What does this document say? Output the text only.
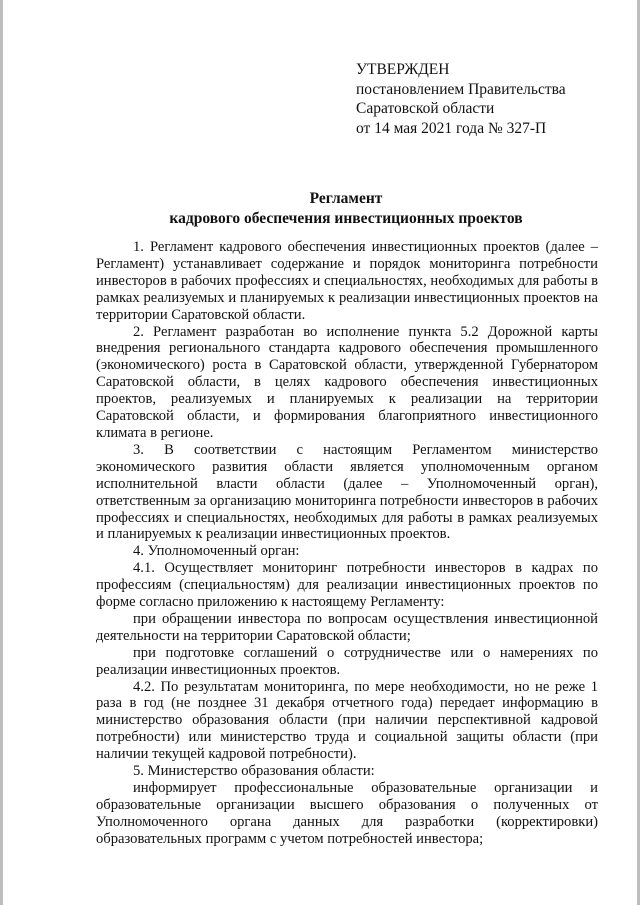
УТВЕРЖДЕН
постановлением Правительства
Саратовской области
от 14 мая 2021 года № 327-П
Регламент
кадрового обеспечения инвестиционных проектов

1. Регламент кадрового обеспечения инвестиционных проектов (далее – Регламент) устанавливает содержание и порядок мониторинга потребности инвесторов в рабочих профессиях и специальностях, необходимых для работы в рамках реализуемых и планируемых к реализации инвестиционных проектов на территории Саратовской области.

2. Регламент разработан во исполнение пункта 5.2 Дорожной карты внедрения регионального стандарта кадрового обеспечения промышленного (экономического) роста в Саратовской области, утвержденной Губернатором Саратовской области, в целях кадрового обеспечения инвестиционных проектов, реализуемых и планируемых к реализации на территории Саратовской области, и формирования благоприятного инвестиционного климата в регионе.

3. В соответствии с настоящим Регламентом министерство экономического развития области является уполномоченным органом исполнительной власти области (далее – Уполномоченный орган), ответственным за организацию мониторинга потребности инвесторов в рабочих профессиях и специальностях, необходимых для работы в рамках реализуемых и планируемых к реализации инвестиционных проектов.

4. Уполномоченный орган:

4.1. Осуществляет мониторинг потребности инвесторов в кадрах по профессиям (специальностям) для реализации инвестиционных проектов по форме согласно приложению к настоящему Регламенту:

при обращении инвестора по вопросам осуществления инвестиционной деятельности на территории Саратовской области;

при подготовке соглашений о сотрудничестве или о намерениях по реализации инвестиционных проектов.

4.2. По результатам мониторинга, по мере необходимости, но не реже 1 раза в год (не позднее 31 декабря отчетного года) передает информацию в министерство образования области (при наличии перспективной кадровой потребности) или министерство труда и социальной защиты области (при наличии текущей кадровой потребности).

5. Министерство образования области:

информирует профессиональные образовательные организации и образовательные организации высшего образования о полученных от Уполномоченного органа данных для разработки (корректировки) образовательных программ с учетом потребностей инвестора;
